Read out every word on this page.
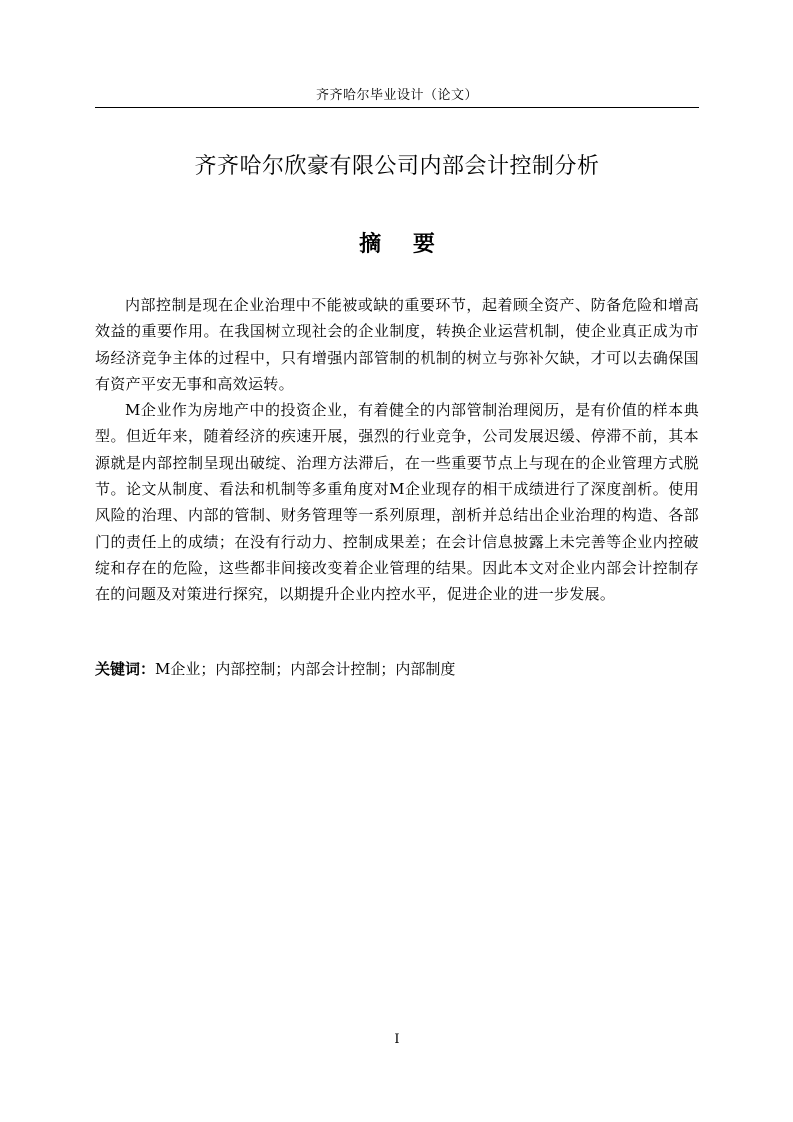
齐齐哈尔毕业设计（论文）
齐齐哈尔欣豪有限公司内部会计控制分析
摘 要

内部控制是现在企业治理中不能被或缺的重要环节，起着顾全资产、防备危险和增高效益的重要作用。在我国树立现社会的企业制度，转换企业运营机制，使企业真正成为市场经济竞争主体的过程中，只有增强内部管制的机制的树立与弥补欠缺，才可以去确保国有资产平安无事和高效运转。

M企业作为房地产中的投资企业，有着健全的内部管制治理阅历，是有价值的样本典型。但近年来，随着经济的疾速开展，强烈的行业竞争，公司发展迟缓、停滞不前，其本源就是内部控制呈现出破绽、治理方法滞后，在一些重要节点上与现在的企业管理方式脱节。论文从制度、看法和机制等多重角度对M企业现存的相干成绩进行了深度剖析。使用风险的治理、内部的管制、财务管理等一系列原理，剖析并总结出企业治理的构造、各部门的责任上的成绩；在没有行动力、控制成果差；在会计信息披露上未完善等企业内控破绽和存在的危险，这些都非间接改变着企业管理的结果。因此本文对企业内部会计控制存在的问题及对策进行探究，以期提升企业内控水平，促进企业的进一步发展。

关键词：M企业；内部控制；内部会计控制；内部制度

I
